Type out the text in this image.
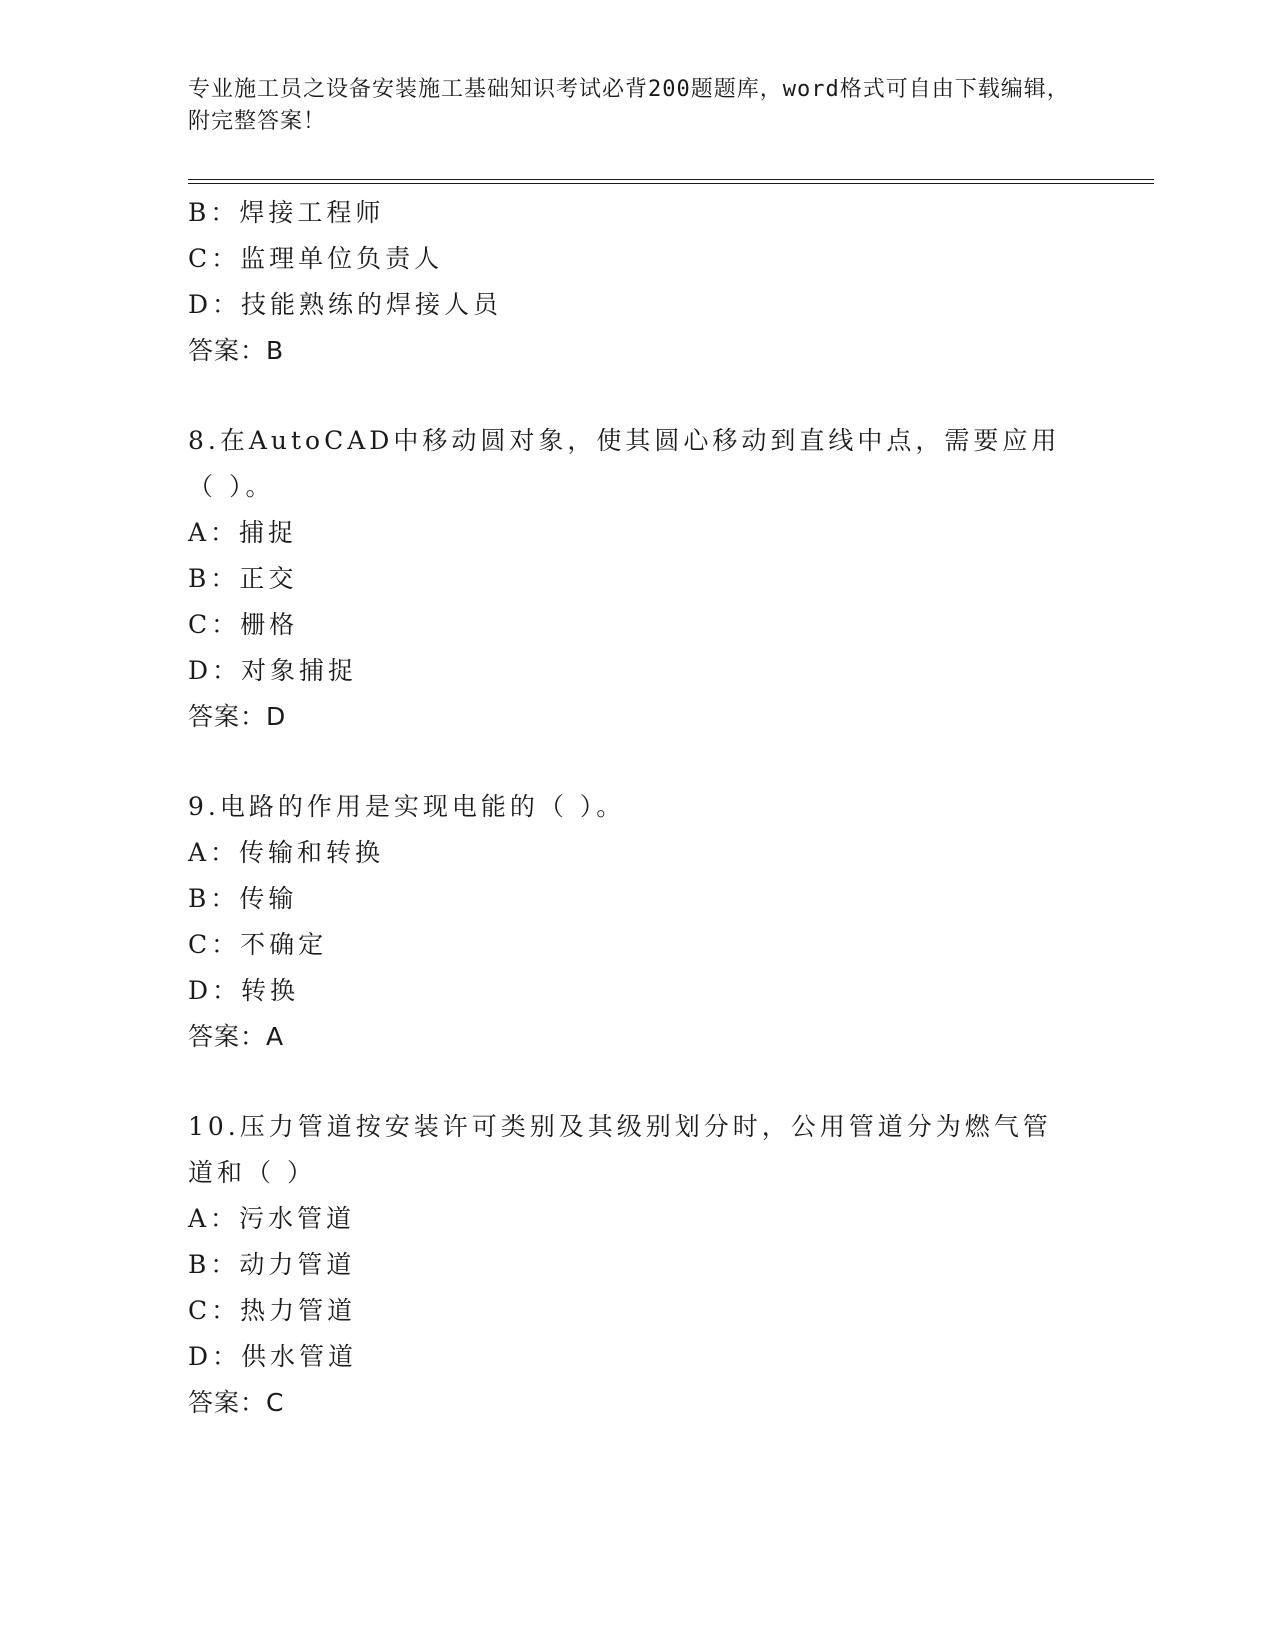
专业施工员之设备安装施工基础知识考试必背200题题库，word格式可自由下载编辑，附完整答案！
B：焊接工程师
C：监理单位负责人
D：技能熟练的焊接人员
答案：B
8.在AutoCAD中移动圆对象，使其圆心移动到直线中点，需要应用（ ）。
A：捕捉
B：正交
C：栅格
D：对象捕捉
答案：D
9.电路的作用是实现电能的（ ）。
A：传输和转换
B：传输
C：不确定
D：转换
答案：A
10.压力管道按安装许可类别及其级别划分时，公用管道分为燃气管道和（ ）
A：污水管道
B：动力管道
C：热力管道
D：供水管道
答案：C
